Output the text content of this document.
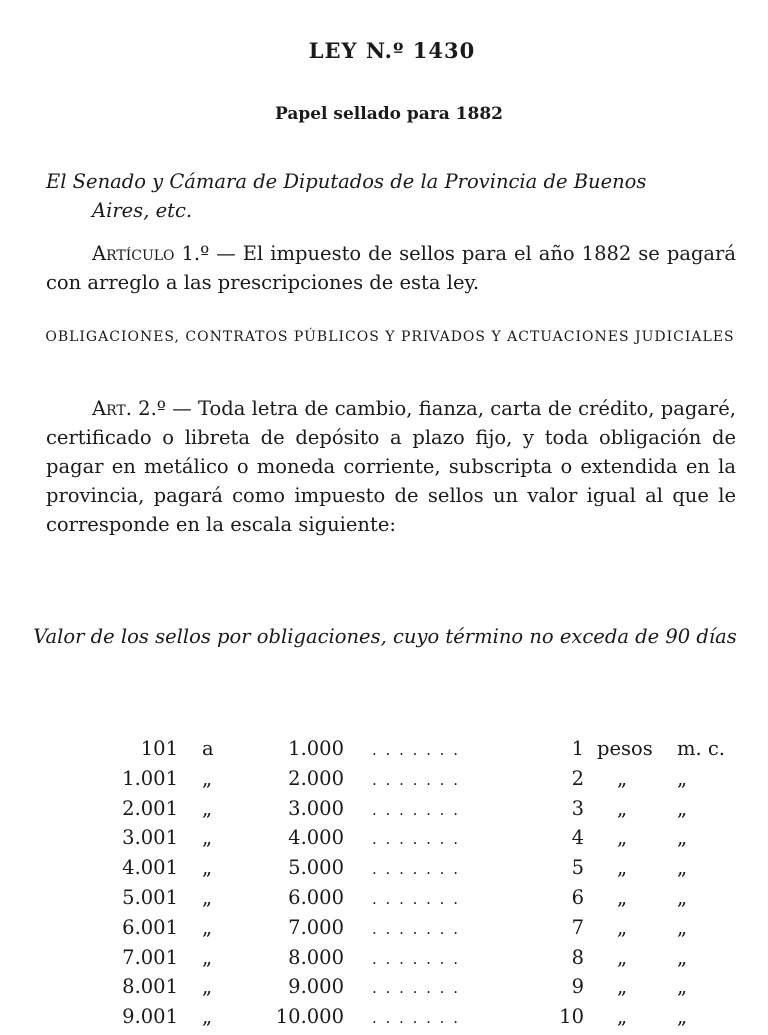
LEY N.º 1430
Papel sellado para 1882
El Senado y Cámara de Diputados de la Provincia de Buenos
Aires, etc.
Artículo 1.º — El impuesto de sellos para el año 1882 se pagará con arreglo a las prescripciones de esta ley.
OBLIGACIONES, CONTRATOS PÚBLICOS Y PRIVADOS Y ACTUACIONES JUDICIALES
Art. 2.º — Toda letra de cambio, fianza, carta de crédito, pagaré, certificado o libreta de depósito a plazo fijo, y toda obligación de pagar en metálico o moneda corriente, subscripta o extendida en la provincia, pagará como impuesto de sellos un valor igual al que le corresponde en la escala siguiente:
Valor de los sellos por obligaciones, cuyo término no exceda de 90 días
101 a	1.000 . . . . . . .	1 pesos m. c.
1.001 „	2.000 . . . . . . .	2 „	„
2.001 „	3.000 . . . . . . .	3 „	„
3.001 „	4.000 . . . . . . .	4 „	„
4.001 „	5.000 . . . . . . .	5 „	„
5.001 „	6.000 . . . . . . .	6 „	„
6.001 „	7.000 . . . . . . .	7 „	„
7.001 „	8.000 . . . . . . .	8 „	„
8.001 „	9.000 . . . . . . .	9 „	„
9.001 „	10.000 . . . . . . .	10 „	„
